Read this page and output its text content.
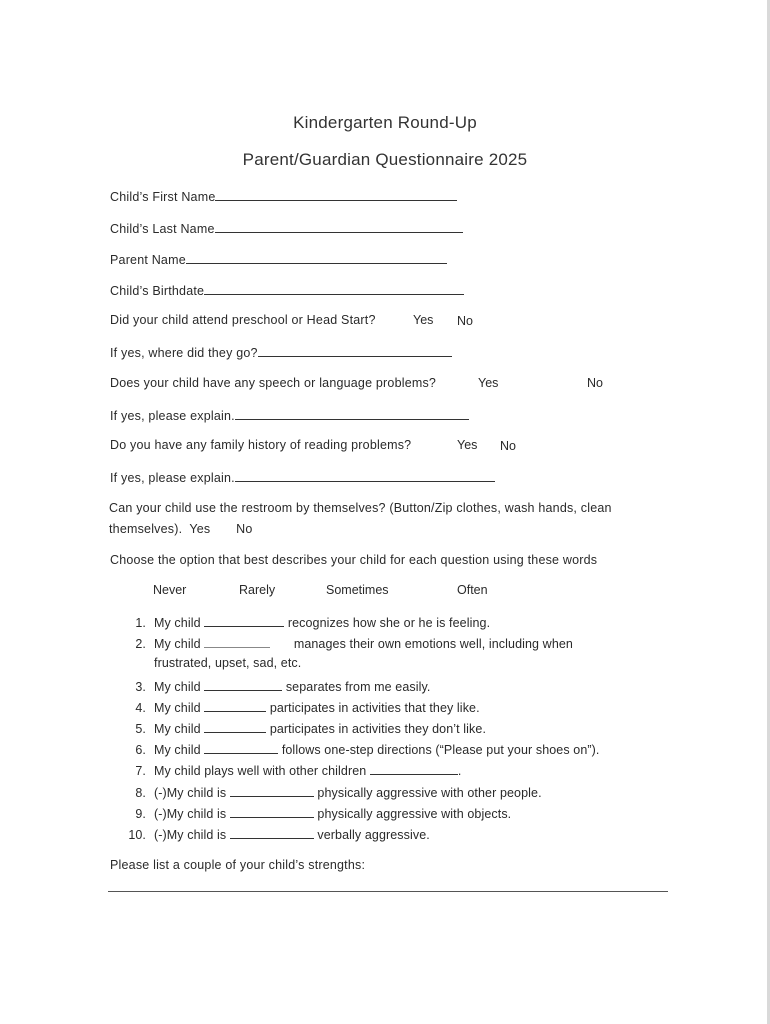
Kindergarten Round-Up
Parent/Guardian Questionnaire 2025
Child’s First Name
Child’s Last Name
Parent Name
Child’s Birthdate
Did your child attend preschool or Head Start?	Yes No
If yes, where did they go?
Does your child have any speech or language problems?	Yes	No
If yes, please explain.
Do you have any family history of reading problems?	Yes No
If yes, please explain.
Can your child use the restroom by themselves? (Button/Zip clothes, wash hands, clean themselves). Yes No
Choose the option that best describes your child for each question using these words
Never	Rarely	Sometimes	Often
1. My child	recognizes how she or he is feeling.
2. My child	manages their own emotions well, including when
frustrated, upset, sad, etc.
3. My child	separates from me easily.
4. My child	participates in activities that they like.
5. My child	participates in activities they don’t like.
6. My child	follows one-step directions (“Please put your shoes on”).
7. My child plays well with other children	.
8. (-)My child is	physically aggressive with other people.
9. (-)My child is	physically aggressive with objects.
10. (-)My child is	verbally aggressive.
Please list a couple of your child’s strengths:
